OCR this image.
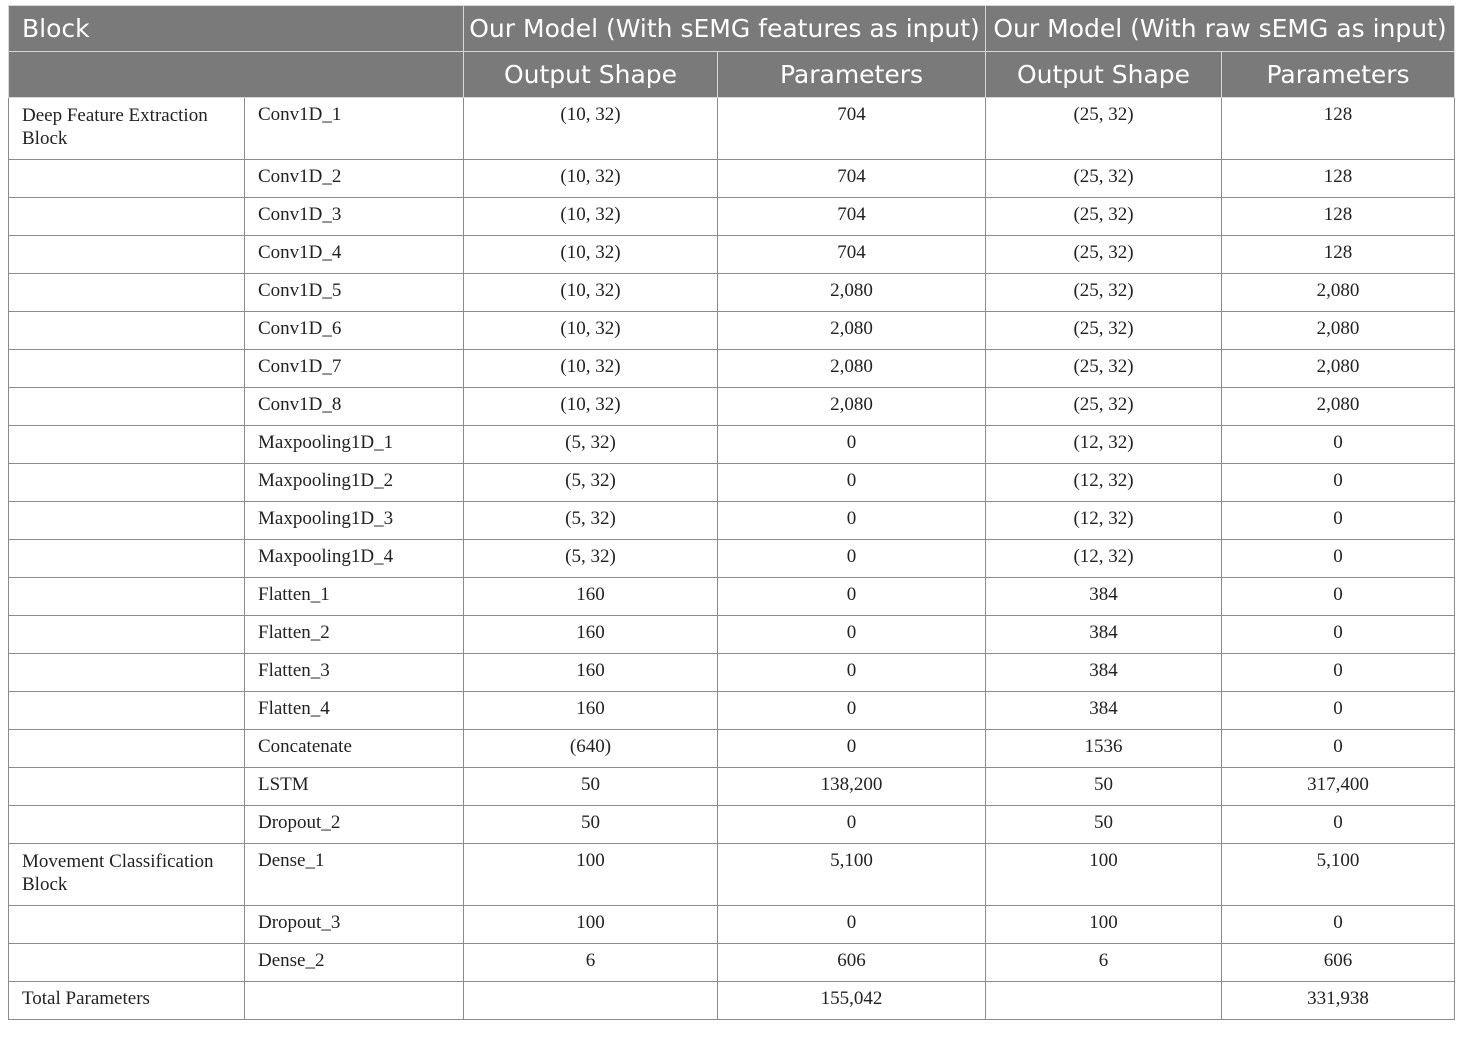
Block		Our Model (With sEMG features as input)		Our Model (With raw sEMG as input)	
		Output Shape	Parameters	Output Shape	Parameters
Deep Feature Extraction Block	Conv1D_1	(10, 32)	704	(25, 32)	128
	Conv1D_2	(10, 32)	704	(25, 32)	128
	Conv1D_3	(10, 32)	704	(25, 32)	128
	Conv1D_4	(10, 32)	704	(25, 32)	128
	Conv1D_5	(10, 32)	2,080	(25, 32)	2,080
	Conv1D_6	(10, 32)	2,080	(25, 32)	2,080
	Conv1D_7	(10, 32)	2,080	(25, 32)	2,080
	Conv1D_8	(10, 32)	2,080	(25, 32)	2,080
	Maxpooling1D_1	(5, 32)	0	(12, 32)	0
	Maxpooling1D_2	(5, 32)	0	(12, 32)	0
	Maxpooling1D_3	(5, 32)	0	(12, 32)	0
	Maxpooling1D_4	(5, 32)	0	(12, 32)	0
	Flatten_1	160	0	384	0
	Flatten_2	160	0	384	0
	Flatten_3	160	0	384	0
	Flatten_4	160	0	384	0
	Concatenate	(640)	0	1536	0
	LSTM	50	138,200	50	317,400
	Dropout_2	50	0	50	0
Movement Classification Block	Dense_1	100	5,100	100	5,100
	Dropout_3	100	0	100	0
	Dense_2	6	606	6	606
Total Parameters			155,042		331,938
